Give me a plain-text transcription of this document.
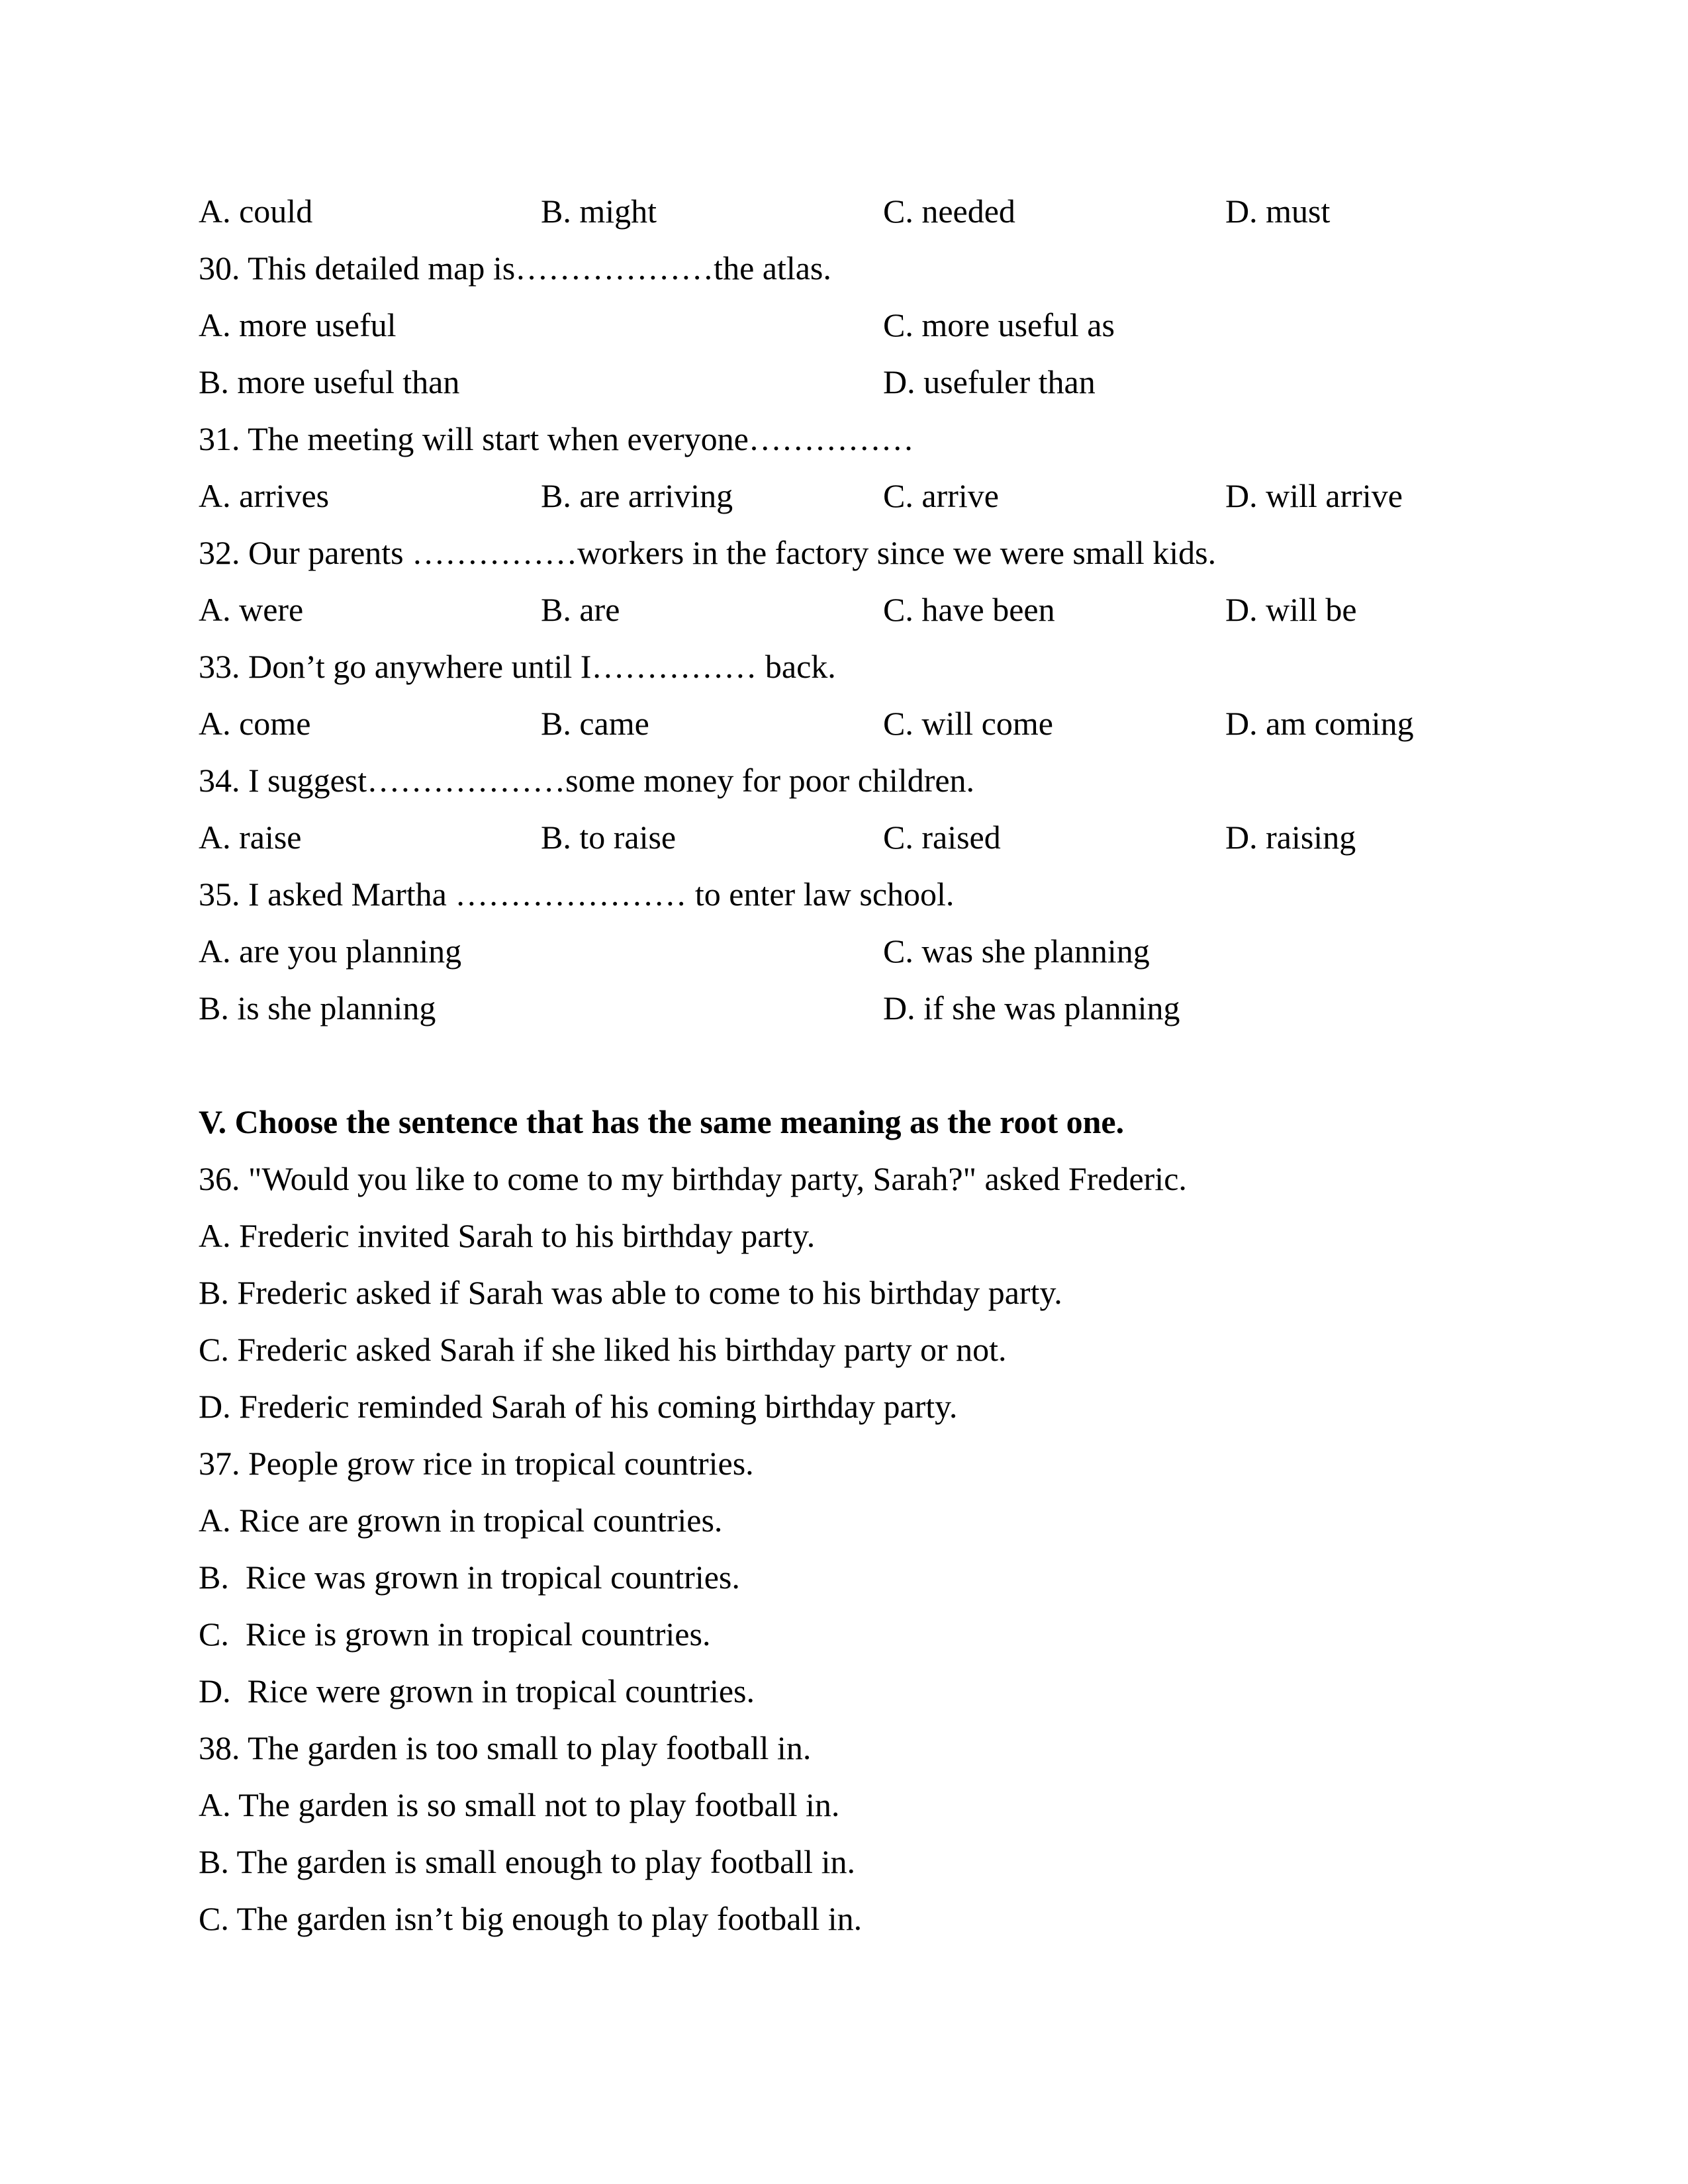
A. could	B. might	C. needed	D. must

30. This detailed map is………………the atlas.

A. more useful	C. more useful as
B. more useful than	D. usefuler than

31. The meeting will start when everyone……………

A. arrives	B. are arriving	C. arrive	D. will arrive

32. Our parents ……………workers in the factory since we were small kids.

A. were	B. are	C. have been	D. will be

33. Don’t go anywhere until I…………… back.

A. come	B. came	C. will come	D. am coming

34. I suggest………………some money for poor children.

A. raise	B. to raise	C. raised	D. raising

35. I asked Martha ………………… to enter law school.

A. are you planning	C. was she planning
B. is she planning	D. if she was planning

V. Choose the sentence that has the same meaning as the root one.

36. "Would you like to come to my birthday party, Sarah?" asked Frederic.

A. Frederic invited Sarah to his birthday party.

B. Frederic asked if Sarah was able to come to his birthday party.

C. Frederic asked Sarah if she liked his birthday party or not.

D. Frederic reminded Sarah of his coming birthday party.

37. People grow rice in tropical countries.

A. Rice are grown in tropical countries.

B.  Rice was grown in tropical countries.

C.  Rice is grown in tropical countries.

D.  Rice were grown in tropical countries.

38. The garden is too small to play football in.

A. The garden is so small not to play football in.

B. The garden is small enough to play football in.

C. The garden isn’t big enough to play football in.
